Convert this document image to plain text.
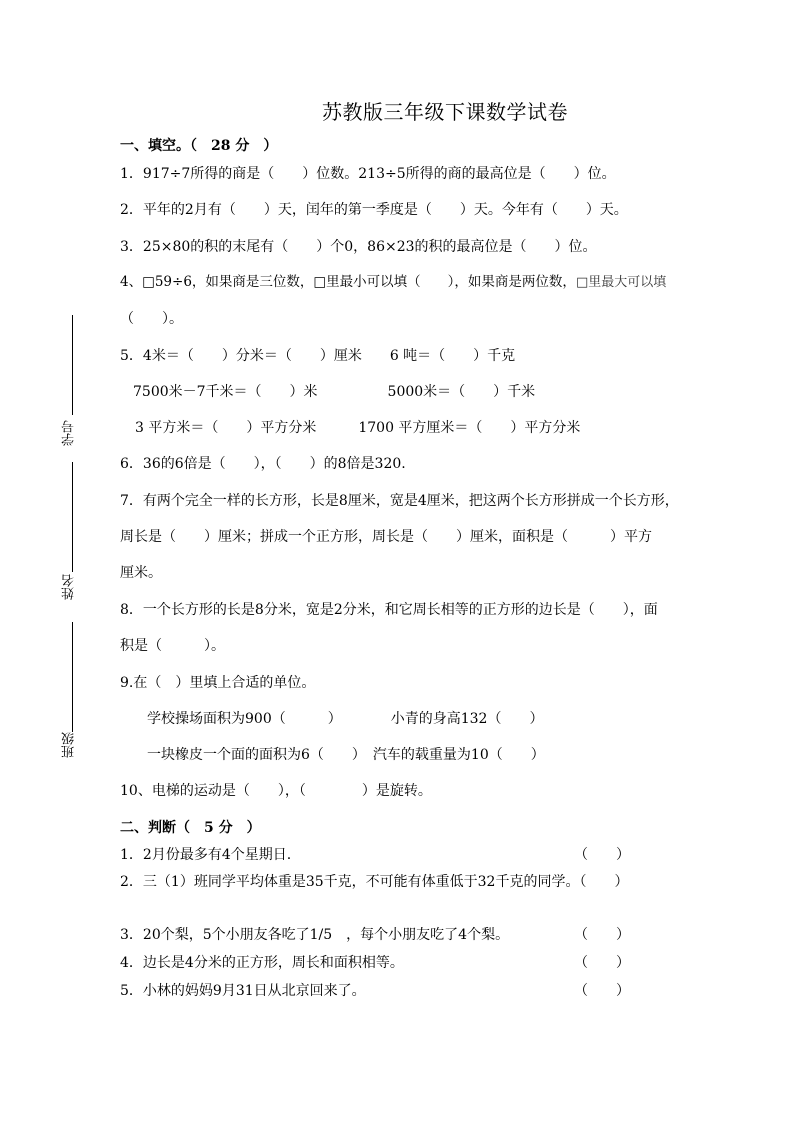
苏教版三年级下课数学试卷
学号
姓名
班级
一、填空。（　28 分　）
1．917÷7所得的商是（　　）位数。213÷5所得的商的最高位是（　　）位。
2．平年的2月有（　　）天，闰年的第一季度是（　　）天。今年有（　　）天。
3．25×80的积的末尾有（　　）个0，86×23的积的最高位是（　　）位。
4、□59÷6，如果商是三位数，□里最小可以填（　　），如果商是两位数，□里最大可以填
（　　）。
5．4米＝（　　）分米＝（　　）厘米　　6 吨＝（　　）千克
7500米－7千米＝（　　）米　　　　　5000米＝（　　）千米
3 平方米＝（　　）平方分米　　　1700 平方厘米＝（　　）平方分米
6．36的6倍是（　　），（　　）的8倍是320.
7．有两个完全一样的长方形，长是8厘米，宽是4厘米，把这两个长方形拼成一个长方形，
周长是（　　）厘米；拼成一个正方形，周长是（　　）厘米，面积是（　　　）平方
厘米。
8．一个长方形的长是8分米，宽是2分米，和它周长相等的正方形的边长是（　　），面
积是（　　　）。
9.在（　）里填上合适的单位。
学校操场面积为900（　　　）　　　　小青的身高132（　　）
一块橡皮一个面的面积为6（　　）　汽车的载重量为10（　　）
10、电梯的运动是（　　），（　　　　）是旋转。
二、判断（　5 分　）
1．2月份最多有4个星期日.	（　　）
2．三（1）班同学平均体重是35千克，不可能有体重低于32千克的同学。（　　）
3．20个梨，5个小朋友各吃了1/5　，每个小朋友吃了4个梨。	（　　）
4．边长是4分米的正方形，周长和面积相等。	（　　）
5．小林的妈妈9月31日从北京回来了。	（　　）
